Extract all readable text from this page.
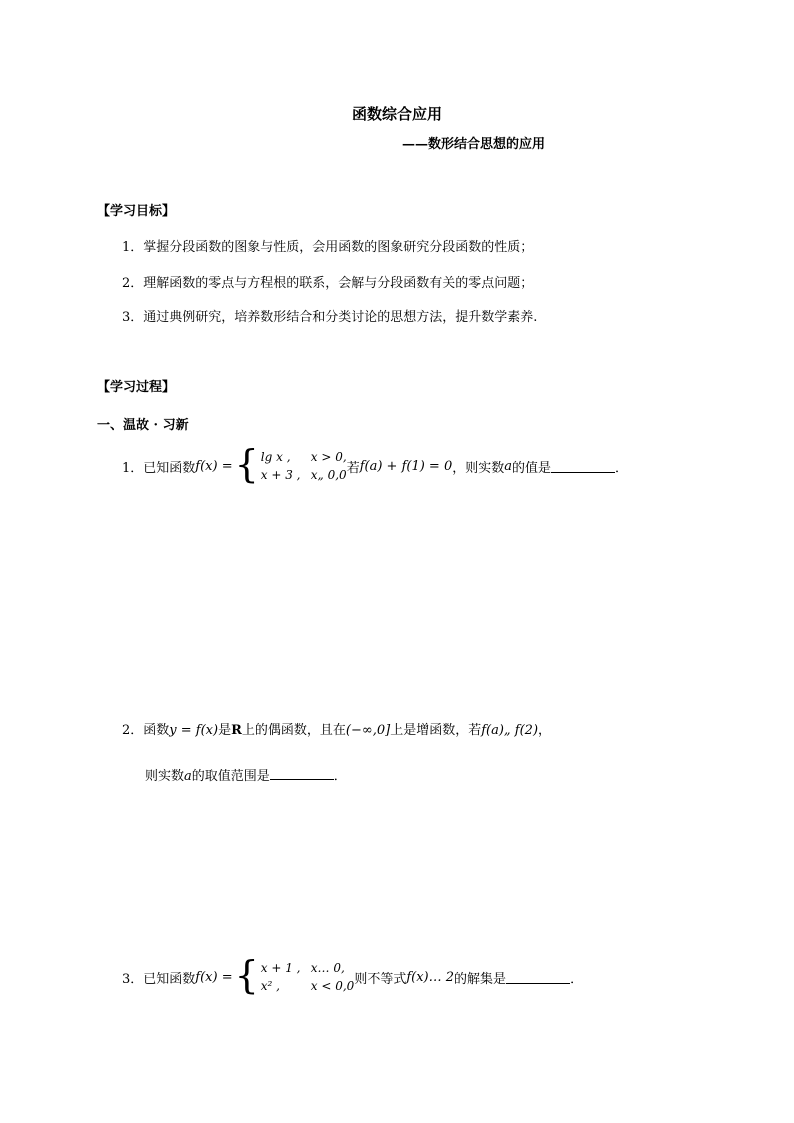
函数综合应用
——数形结合思想的应用
【学习目标】
1．掌握分段函数的图象与性质，会用函数的图象研究分段函数的性质；
2．理解函数的零点与方程根的联系，会解与分段函数有关的零点问题；
3．通过典例研究，培养数形结合和分类讨论的思想方法，提升数学素养.
【学习过程】
一、温故 · 习新
1．已知函数 f(x) = { lg x , x > 0,
x + 3 , x„ 0,0 若 f(a) + f(1) = 0 ，则实数 a 的值是	．
2．函数y = f(x)是R上的偶函数，且在(−∞,0]上是增函数，若f(a)„ f(2)，
则实数a的取值范围是	．
3．已知函数 f(x) = { x + 1 , x… 0,
x² ,	x < 0,0 则不等式 f(x)… 2 的解集是	．
